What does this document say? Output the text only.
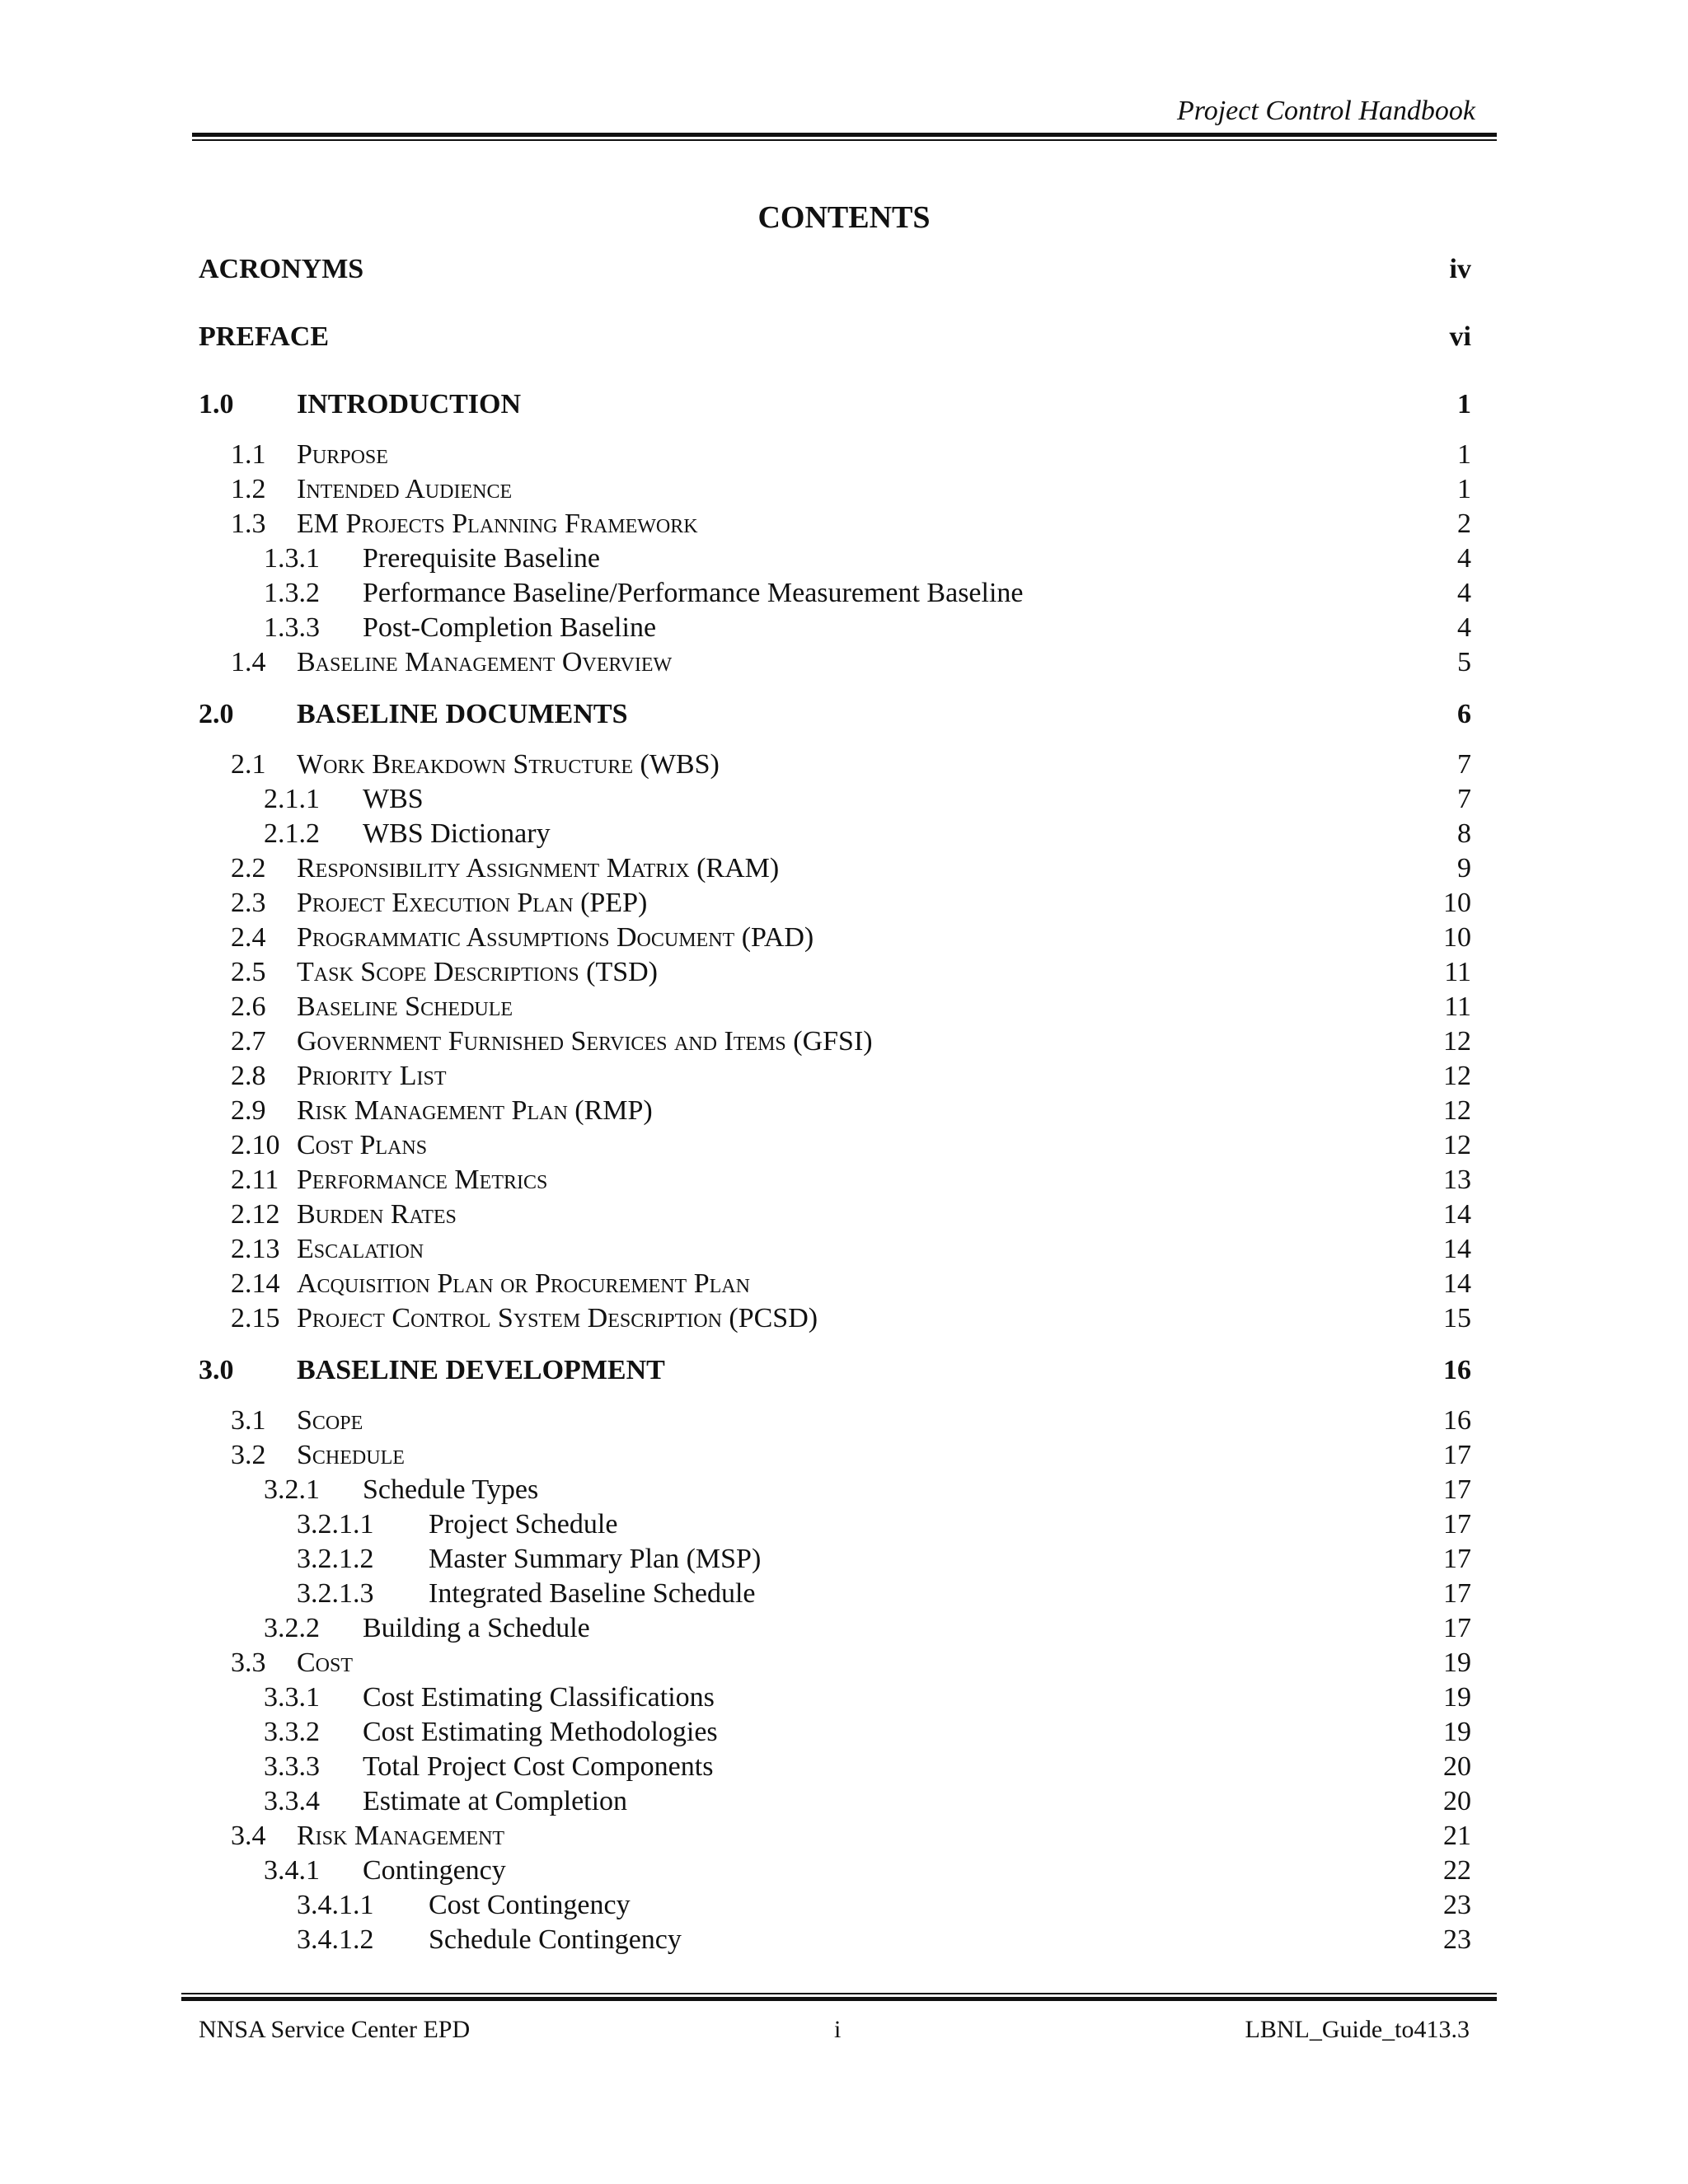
Project Control Handbook
CONTENTS
ACRONYMS	iv
PREFACE	vi
1.0 INTRODUCTION	1
1.1 Purpose	1
1.2 Intended Audience	1
1.3 EM Projects Planning Framework	2
1.3.1 Prerequisite Baseline	4
1.3.2 Performance Baseline/Performance Measurement Baseline	4
1.3.3 Post-Completion Baseline	4
1.4 Baseline Management Overview	5
2.0 BASELINE DOCUMENTS	6
2.1 Work Breakdown Structure (WBS)	7
2.1.1 WBS	7
2.1.2 WBS Dictionary	8
2.2 Responsibility Assignment Matrix (RAM)	9
2.3 Project Execution Plan (PEP)	10
2.4 Programmatic Assumptions Document (PAD)	10
2.5 Task Scope Descriptions (TSD)	11
2.6 Baseline Schedule	11
2.7 Government Furnished Services and Items (GFSI)	12
2.8 Priority List	12
2.9 Risk Management Plan (RMP)	12
2.10 Cost Plans	12
2.11 Performance Metrics	13
2.12 Burden Rates	14
2.13 Escalation	14
2.14 Acquisition Plan or Procurement Plan	14
2.15 Project Control System Description (PCSD)	15
3.0 BASELINE DEVELOPMENT	16
3.1 Scope	16
3.2 Schedule	17
3.2.1 Schedule Types	17
3.2.1.1 Project Schedule	17
3.2.1.2 Master Summary Plan (MSP)	17
3.2.1.3 Integrated Baseline Schedule	17
3.2.2 Building a Schedule	17
3.3 Cost	19
3.3.1 Cost Estimating Classifications	19
3.3.2 Cost Estimating Methodologies	19
3.3.3 Total Project Cost Components	20
3.3.4 Estimate at Completion	20
3.4 Risk Management	21
3.4.1 Contingency	22
3.4.1.1 Cost Contingency	23
3.4.1.2 Schedule Contingency	23
NNSA Service Center EPD	i	LBNL_Guide_to413.3
